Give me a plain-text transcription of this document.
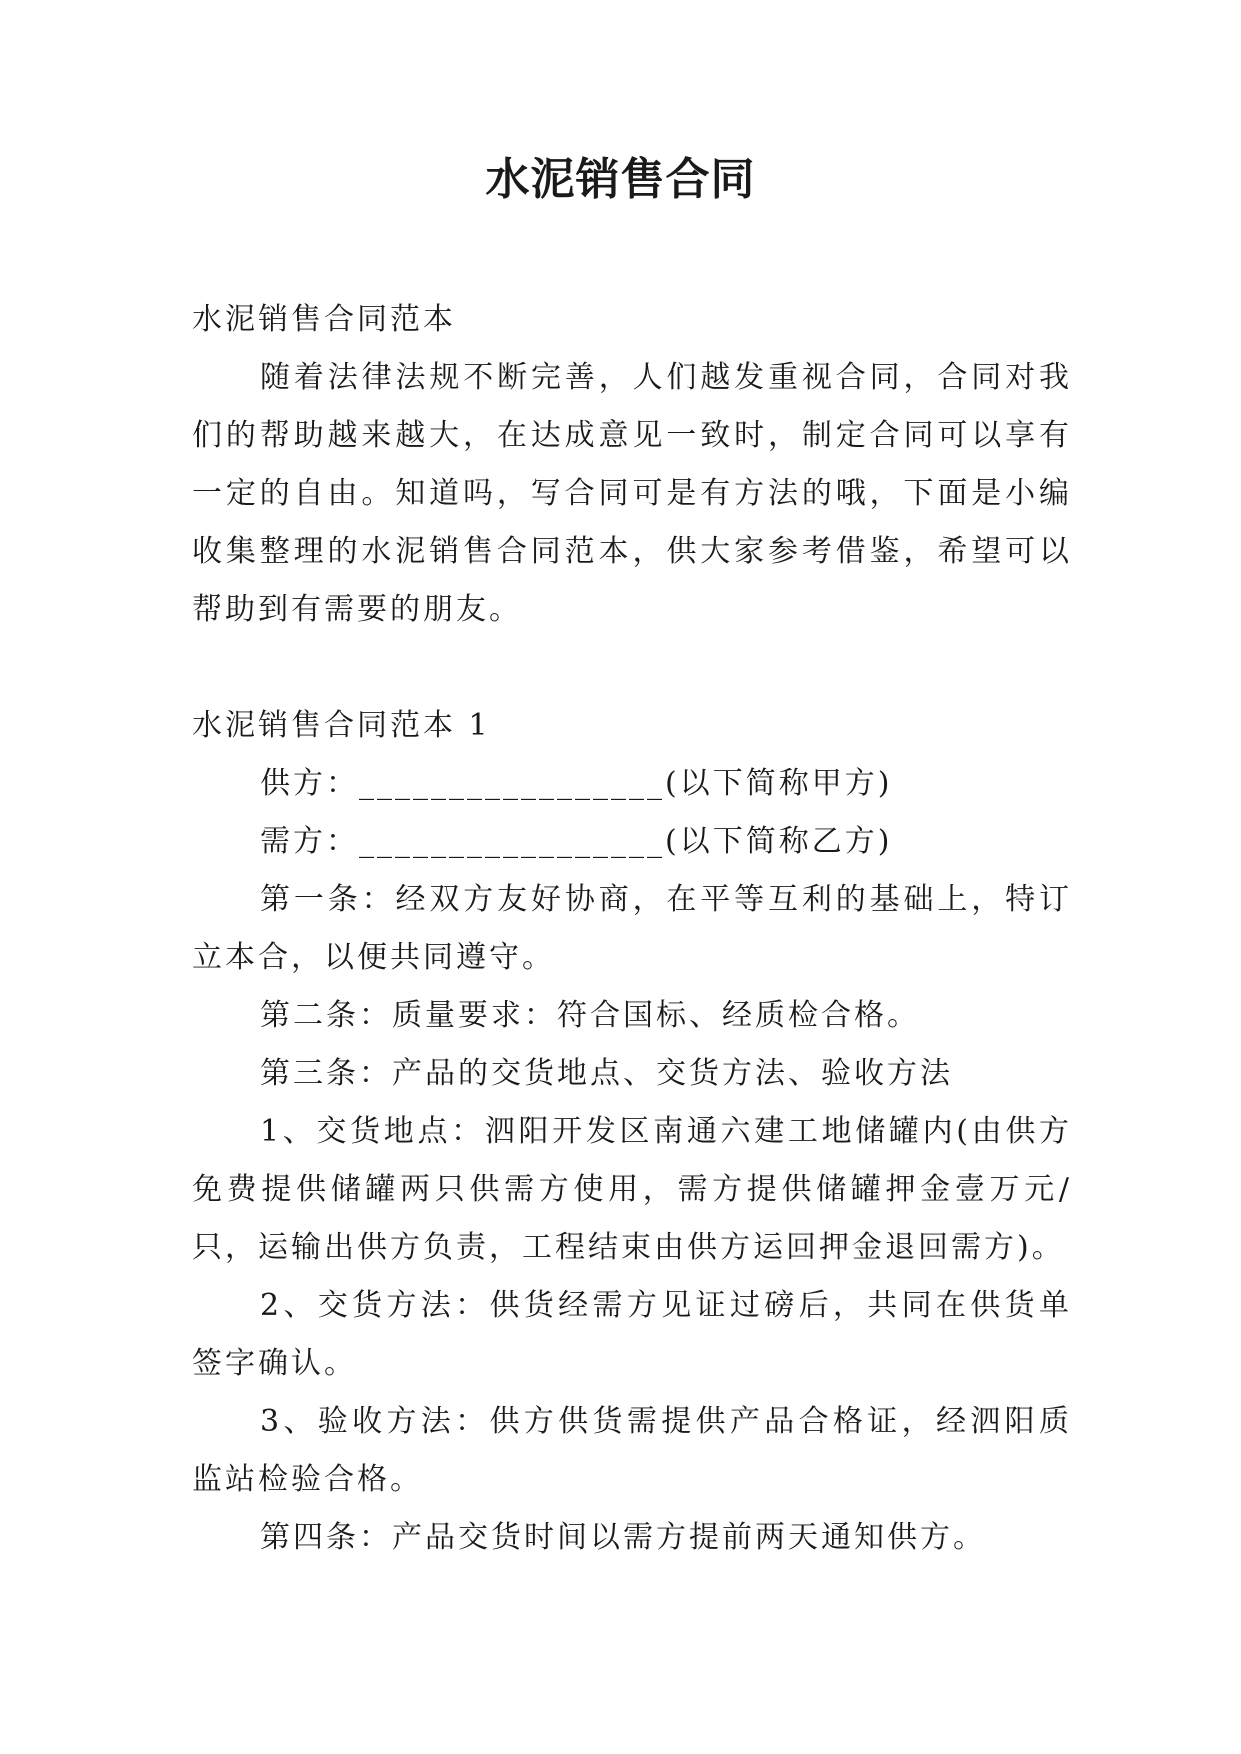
水泥销售合同

水泥销售合同范本

随着法律法规不断完善，人们越发重视合同，合同对我们的帮助越来越大，在达成意见一致时，制定合同可以享有一定的自由。知道吗，写合同可是有方法的哦，下面是小编收集整理的水泥销售合同范本，供大家参考借鉴，希望可以帮助到有需要的朋友。

水泥销售合同范本 1

供方：_________________(以下简称甲方)

需方：_________________(以下简称乙方)

第一条：经双方友好协商，在平等互利的基础上，特订立本合，以便共同遵守。

第二条：质量要求：符合国标、经质检合格。

第三条：产品的交货地点、交货方法、验收方法

1、交货地点：泗阳开发区南通六建工地储罐内(由供方免费提供储罐两只供需方使用，需方提供储罐押金壹万元/只，运输出供方负责，工程结束由供方运回押金退回需方)。

2、交货方法：供货经需方见证过磅后，共同在供货单签字确认。

3、验收方法：供方供货需提供产品合格证，经泗阳质监站检验合格。

第四条：产品交货时间以需方提前两天通知供方。
